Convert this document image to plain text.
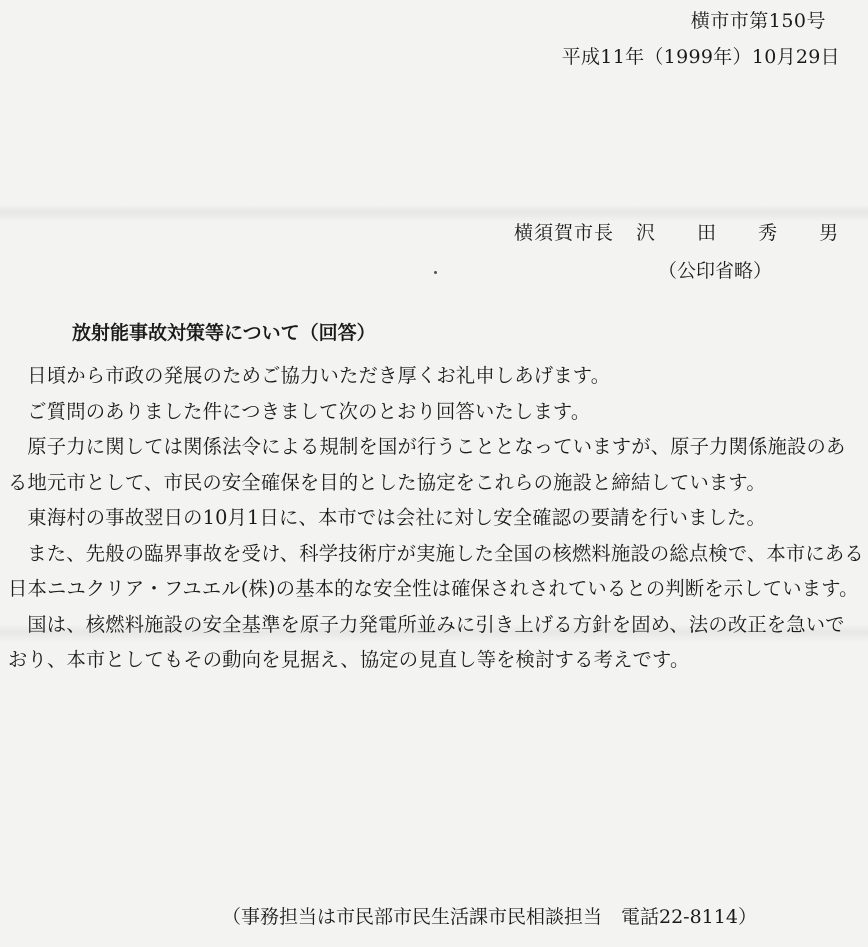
横市市第150号
平成11年（1999年）10月29日
横須賀市長 沢 田 秀 男
（公印省略）
放射能事故対策等について（回答）

日頃から市政の発展のためご協力いただき厚くお礼申しあげます。

ご質問のありました件につきまして次のとおり回答いたします。

原子力に関しては関係法令による規制を国が行うこととなっていますが、原子力関係施設のある地元市として、市民の安全確保を目的とした協定をこれらの施設と締結しています。

東海村の事故翌日の10月1日に、本市では会社に対し安全確認の要請を行いました。

また、先般の臨界事故を受け、科学技術庁が実施した全国の核燃料施設の総点検で、本市にある日本ニユクリア・フユエル(株)の基本的な安全性は確保されされているとの判断を示しています。

国は、核燃料施設の安全基準を原子力発電所並みに引き上げる方針を固め、法の改正を急いでおり、本市としてもその動向を見据え、協定の見直し等を検討する考えです。

（事務担当は市民部市民生活課市民相談担当　電話22-8114）
